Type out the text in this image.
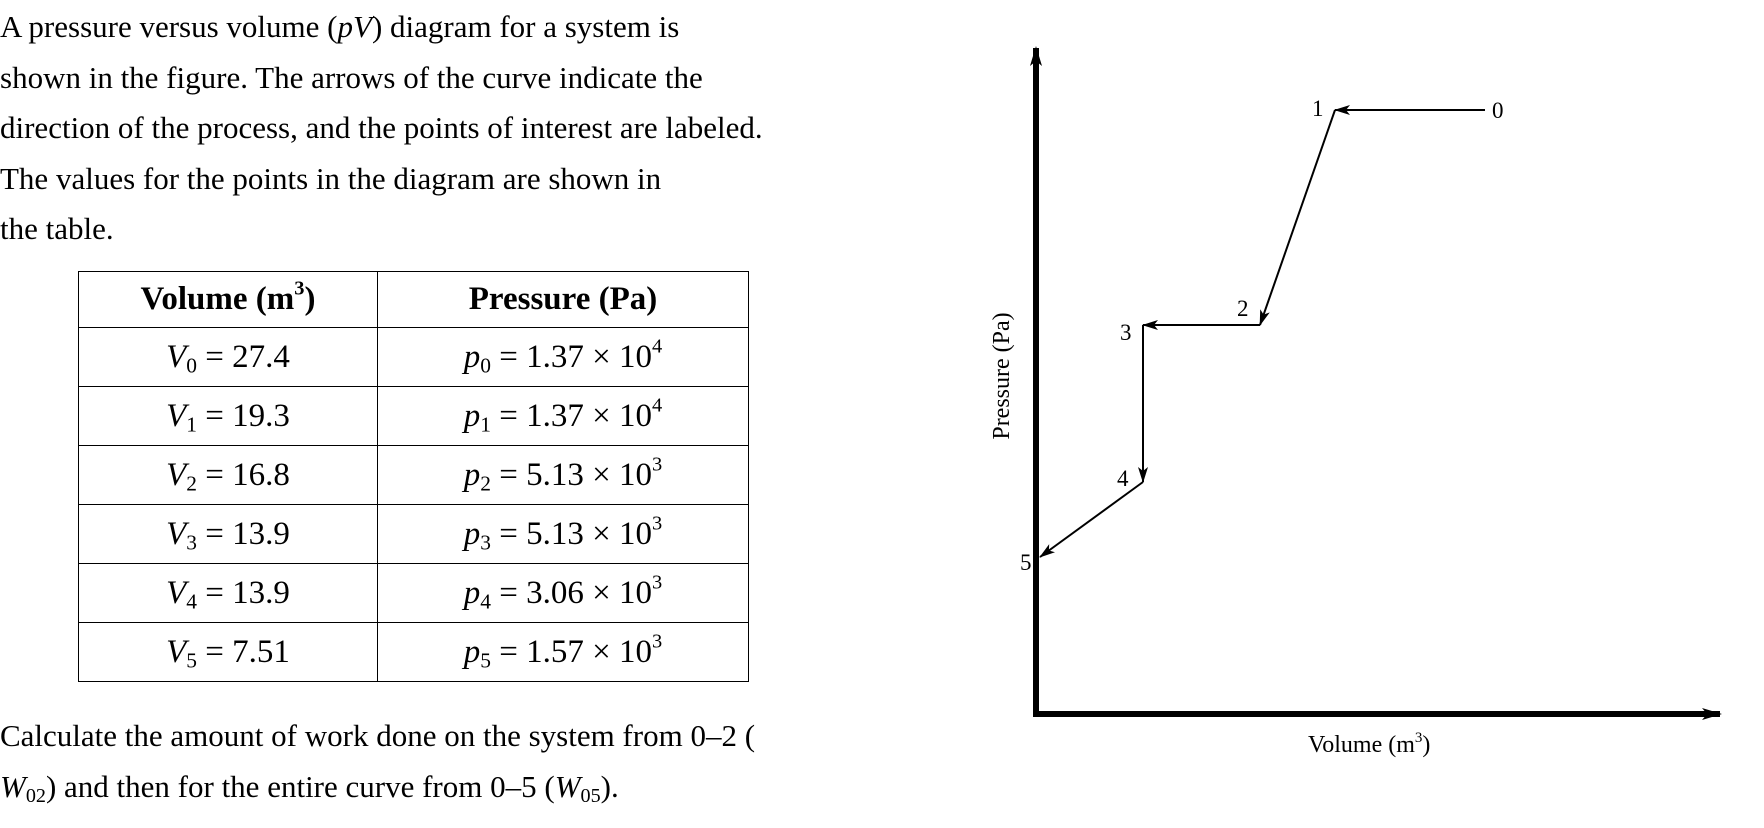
A pressure versus volume (pV) diagram for a system is
shown in the figure. The arrows of the curve indicate the
direction of the process, and the points of interest are labeled.
The values for the points in the diagram are shown in
the table.
Volume $(m^3)$	Pressure (Pa)
$V_0 = 27.4$	$p_0 = 1.37 \times 10^4$
$V_1 = 19.3$	$p_1 = 1.37 \times 10^4$
$V_2 = 16.8$	$p_2 = 5.13 \times 10^3$
$V_3 = 13.9$	$p_3 = 5.13 \times 10^3$
$V_4 = 13.9$	$p_4 = 3.06 \times 10^3$
$V_5 = 7.51$	$p_5 = 1.57 \times 10^3$
Calculate the amount of work done on the system from 0–2 (
$W_{02}$) and then for the entire curve from 0–5 $(W_{05})$.
0
1
2
3
4
5
Volume $(m^3)$
Pressure (Pa)
